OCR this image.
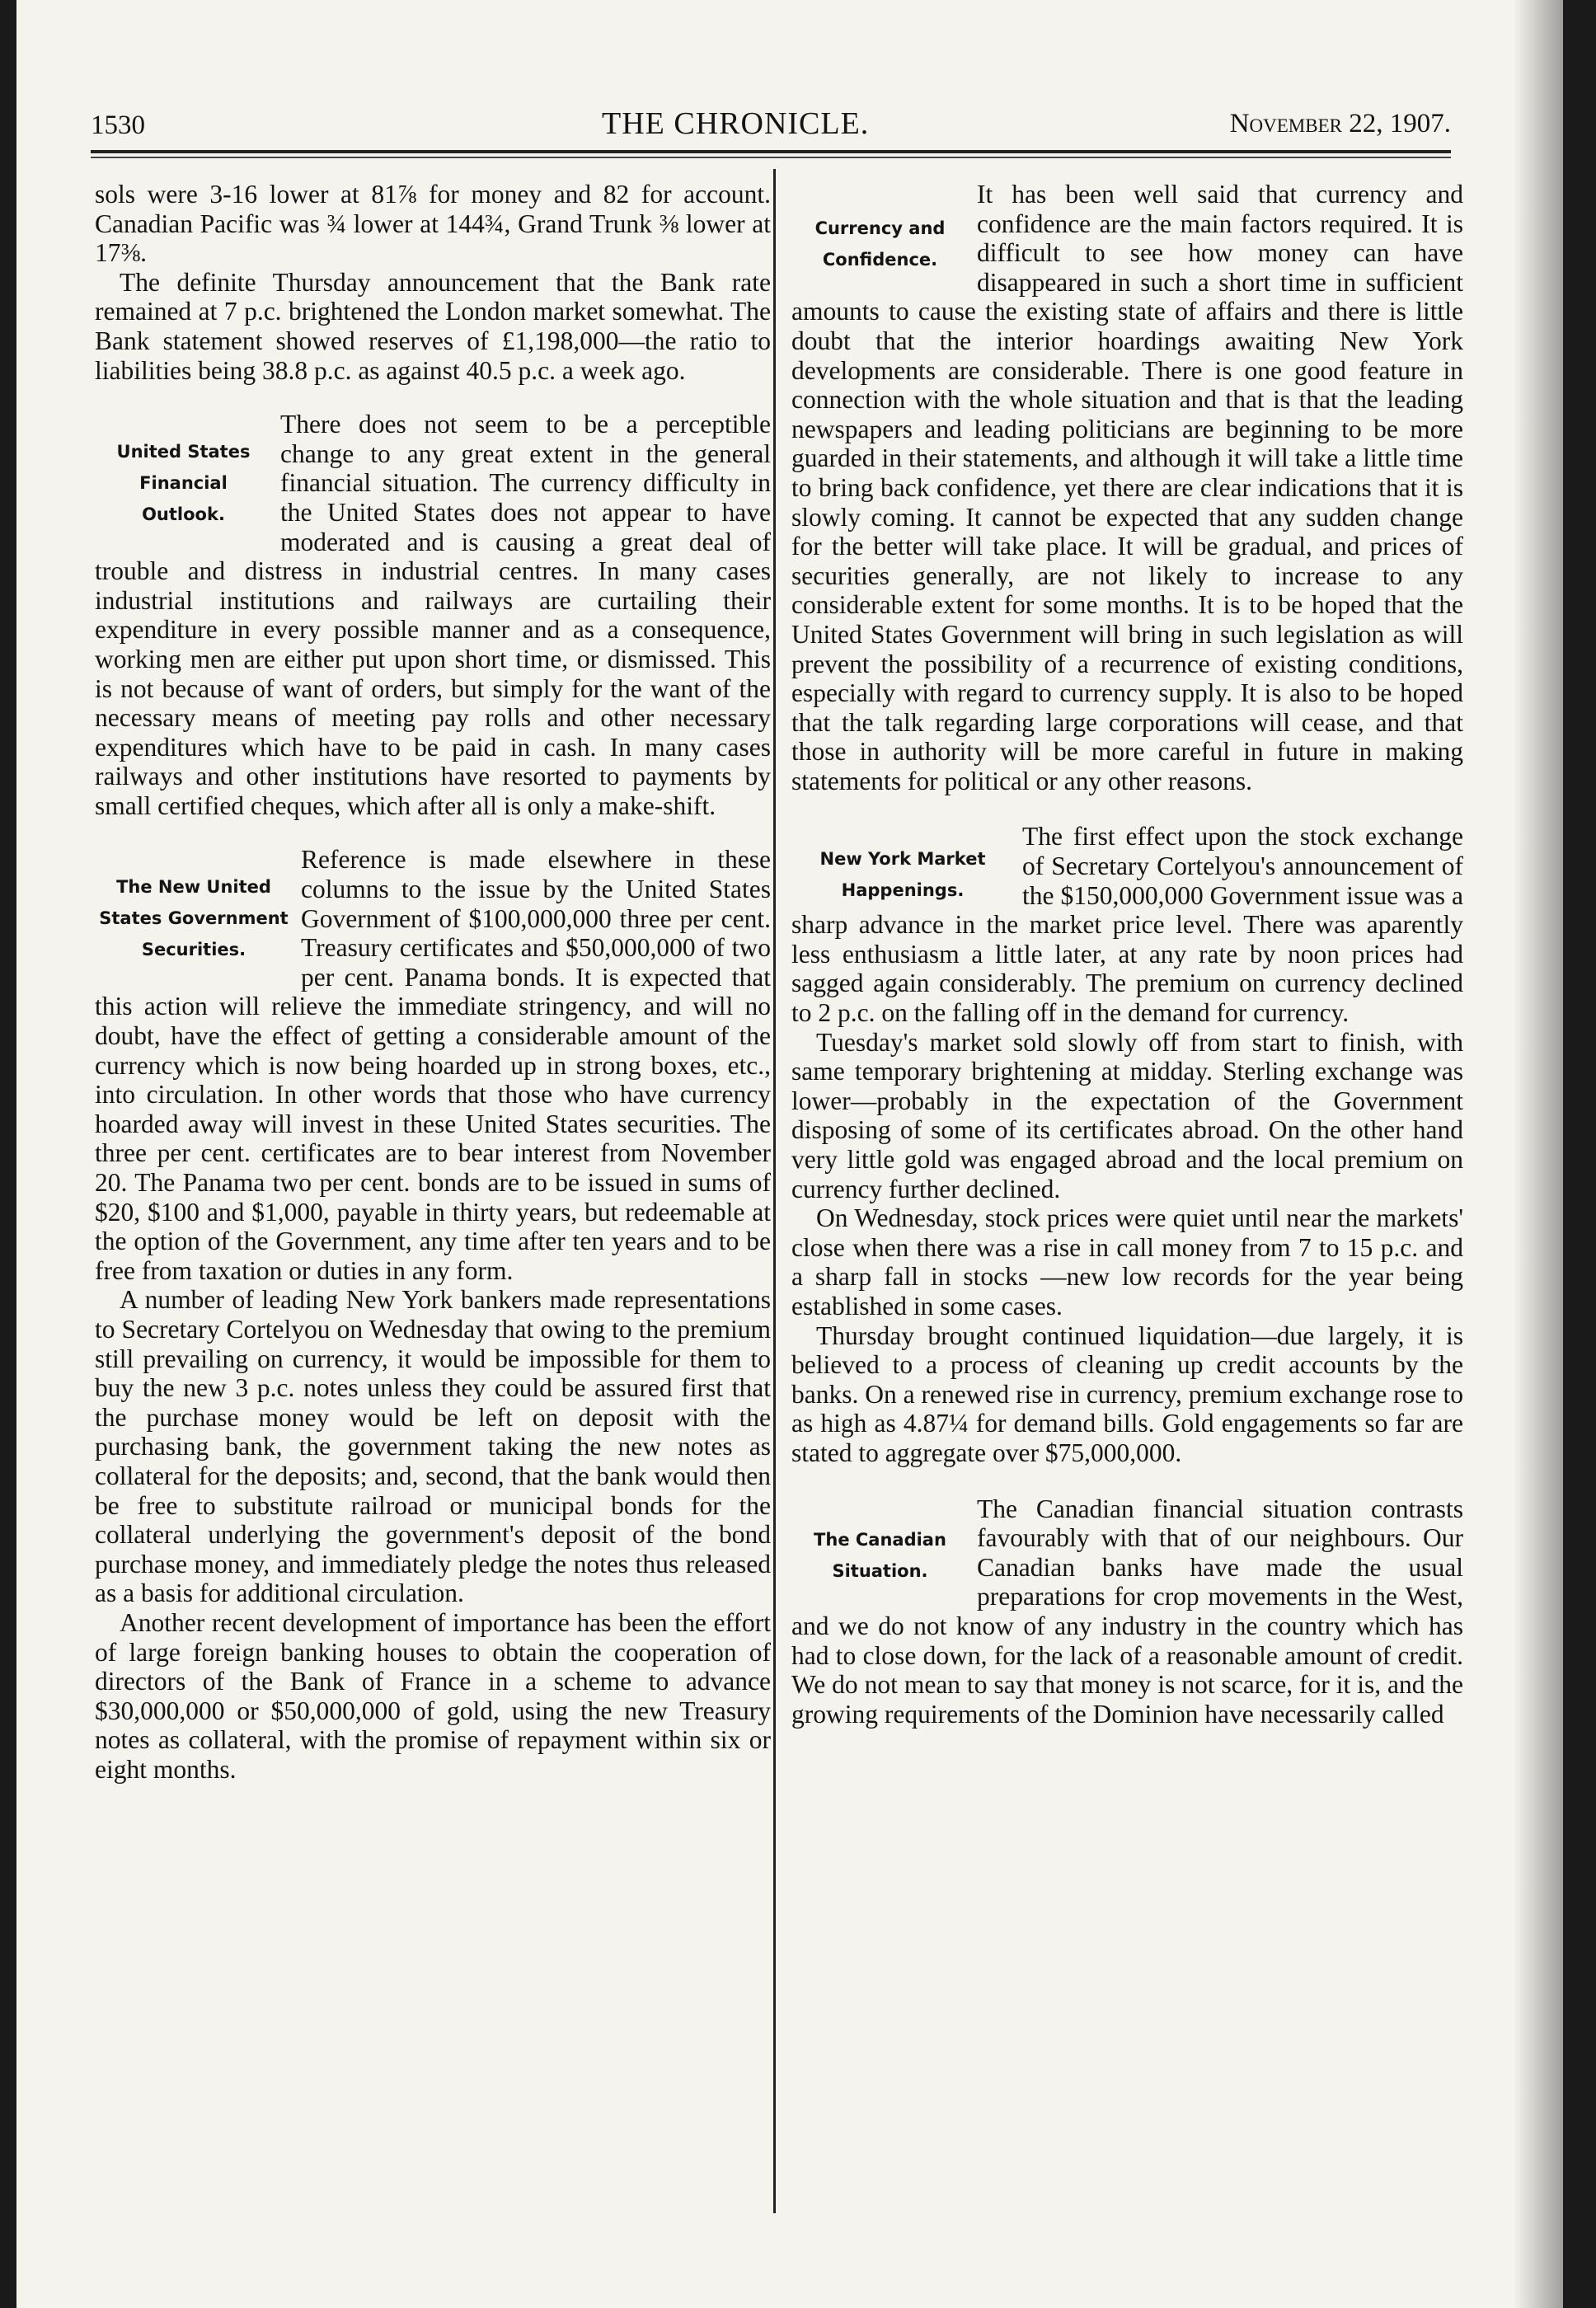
1530	THE CHRONICLE.	November 22, 1907.

sols were 3-16 lower at 81⅞ for money and 82 for account. Canadian Pacific was ¾ lower at 144¾, Grand Trunk ⅜ lower at 17⅜.

The definite Thursday announcement that the Bank rate remained at 7 p.c. brightened the London market somewhat. The Bank statement showed reserves of £1,198,000—the ratio to liabilities being 38.8 p.c. as against 40.5 p.c. a week ago.

United States
Financial
Outlook.

There does not seem to be a perceptible change to any great extent in the general financial situation. The currency difficulty in the United States does not appear to have moderated and is causing a great deal of trouble and distress in industrial centres. In many cases industrial institutions and railways are curtailing their expenditure in every possible manner and as a consequence, working men are either put upon short time, or dismissed. This is not because of want of orders, but simply for the want of the necessary means of meeting pay rolls and other necessary expenditures which have to be paid in cash. In many cases railways and other institutions have resorted to payments by small certified cheques, which after all is only a make-shift.

The New United
States Government
Securities.

Reference is made elsewhere in these columns to the issue by the United States Government of $100,000,000 three per cent. Treasury certificates and $50,000,000 of two per cent. Panama bonds. It is expected that this action will relieve the immediate stringency, and will no doubt, have the effect of getting a considerable amount of the currency which is now being hoarded up in strong boxes, etc., into circulation. In other words that those who have currency hoarded away will invest in these United States securities. The three per cent. certificates are to bear interest from November 20. The Panama two per cent. bonds are to be issued in sums of $20, $100 and $1,000, payable in thirty years, but redeemable at the option of the Government, any time after ten years and to be free from taxation or duties in any form.

A number of leading New York bankers made representations to Secretary Cortelyou on Wednesday that owing to the premium still prevailing on currency, it would be impossible for them to buy the new 3 p.c. notes unless they could be assured first that the purchase money would be left on deposit with the purchasing bank, the government taking the new notes as collateral for the deposits; and, second, that the bank would then be free to substitute railroad or municipal bonds for the collateral underlying the government's deposit of the bond purchase money, and immediately pledge the notes thus released as a basis for additional circulation.

Another recent development of importance has been the effort of large foreign banking houses to obtain the cooperation of directors of the Bank of France in a scheme to advance $30,000,000 or $50,000,000 of gold, using the new Treasury notes as collateral, with the promise of repayment within six or eight months.

Currency and
Confidence.

It has been well said that currency and confidence are the main factors required. It is difficult to see how money can have disappeared in such a short time in sufficient amounts to cause the existing state of affairs and there is little doubt that the interior hoardings awaiting New York developments are considerable. There is one good feature in connection with the whole situation and that is that the leading newspapers and leading politicians are beginning to be more guarded in their statements, and although it will take a little time to bring back confidence, yet there are clear indications that it is slowly coming. It cannot be expected that any sudden change for the better will take place. It will be gradual, and prices of securities generally, are not likely to increase to any considerable extent for some months. It is to be hoped that the United States Government will bring in such legislation as will prevent the possibility of a recurrence of existing conditions, especially with regard to currency supply. It is also to be hoped that the talk regarding large corporations will cease, and that those in authority will be more careful in future in making statements for political or any other reasons.

New York Market
Happenings.

The first effect upon the stock exchange of Secretary Cortelyou's announcement of the $150,000,000 Government issue was a sharp advance in the market price level. There was aparently less enthusiasm a little later, at any rate by noon prices had sagged again considerably. The premium on currency declined to 2 p.c. on the falling off in the demand for currency.

Tuesday's market sold slowly off from start to finish, with same temporary brightening at midday. Sterling exchange was lower—probably in the expectation of the Government disposing of some of its certificates abroad. On the other hand very little gold was engaged abroad and the local premium on currency further declined.

On Wednesday, stock prices were quiet until near the markets' close when there was a rise in call money from 7 to 15 p.c. and a sharp fall in stocks —new low records for the year being established in some cases.

Thursday brought continued liquidation—due largely, it is believed to a process of cleaning up credit accounts by the banks. On a renewed rise in currency, premium exchange rose to as high as 4.87¼ for demand bills. Gold engagements so far are stated to aggregate over $75,000,000.

The Canadian
Situation.

The Canadian financial situation contrasts favourably with that of our neighbours. Our Canadian banks have made the usual preparations for crop movements in the West, and we do not know of any industry in the country which has had to close down, for the lack of a reasonable amount of credit. We do not mean to say that money is not scarce, for it is, and the growing requirements of the Dominion have necessarily called
